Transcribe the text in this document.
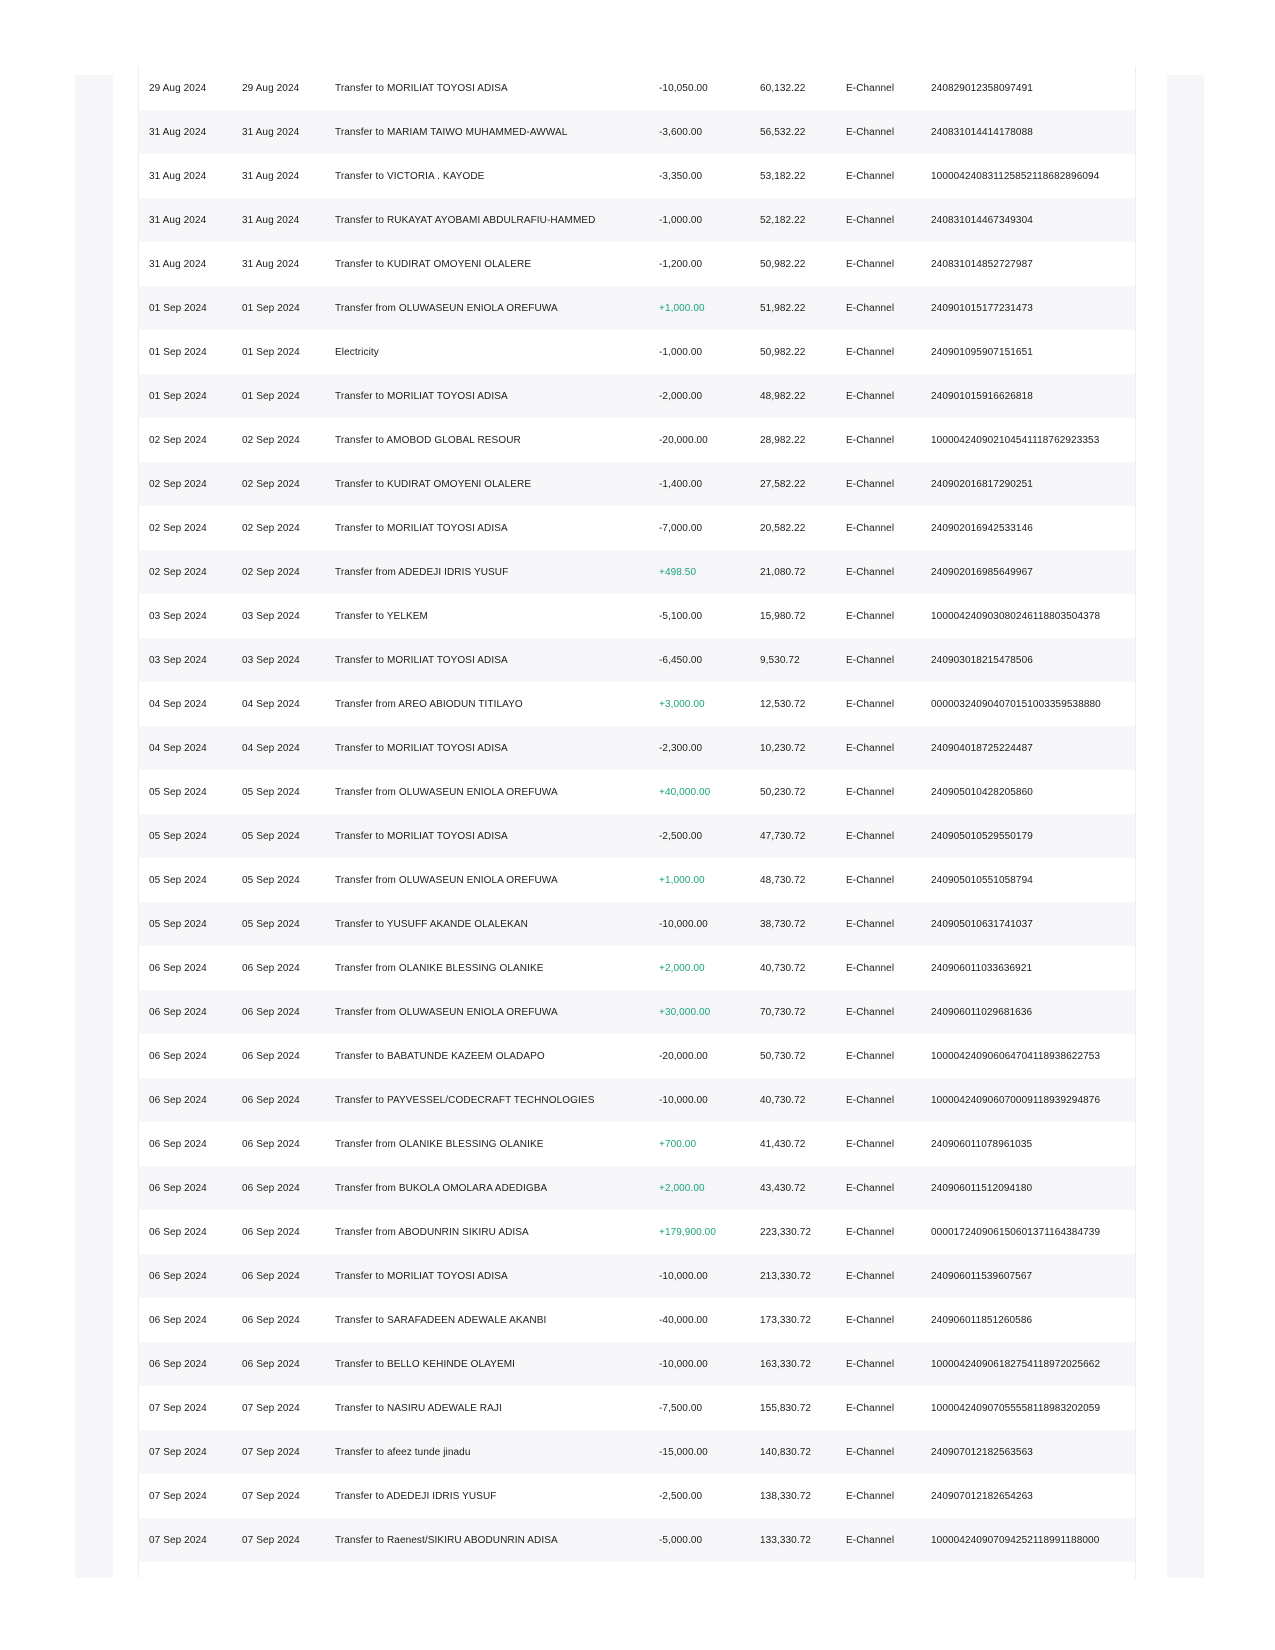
29 Aug 2024	29 Aug 2024	Transfer to MORILIAT TOYOSI ADISA	-10,050.00	60,132.22	E-Channel	240829012358097491
31 Aug 2024	31 Aug 2024	Transfer to MARIAM TAIWO MUHAMMED-AWWAL	-3,600.00	56,532.22	E-Channel	240831014414178088
31 Aug 2024	31 Aug 2024	Transfer to VICTORIA . KAYODE	-3,350.00	53,182.22	E-Channel	100004240831125852118682896094
31 Aug 2024	31 Aug 2024	Transfer to RUKAYAT AYOBAMI ABDULRAFIU-HAMMED	-1,000.00	52,182.22	E-Channel	240831014467349304
31 Aug 2024	31 Aug 2024	Transfer to KUDIRAT OMOYENI OLALERE	-1,200.00	50,982.22	E-Channel	240831014852727987
01 Sep 2024	01 Sep 2024	Transfer from OLUWASEUN ENIOLA OREFUWA	+1,000.00	51,982.22	E-Channel	240901015177231473
01 Sep 2024	01 Sep 2024	Electricity	-1,000.00	50,982.22	E-Channel	240901095907151651
01 Sep 2024	01 Sep 2024	Transfer to MORILIAT TOYOSI ADISA	-2,000.00	48,982.22	E-Channel	240901015916626818
02 Sep 2024	02 Sep 2024	Transfer to AMOBOD GLOBAL RESOUR	-20,000.00	28,982.22	E-Channel	100004240902104541118762923353
02 Sep 2024	02 Sep 2024	Transfer to KUDIRAT OMOYENI OLALERE	-1,400.00	27,582.22	E-Channel	240902016817290251
02 Sep 2024	02 Sep 2024	Transfer to MORILIAT TOYOSI ADISA	-7,000.00	20,582.22	E-Channel	240902016942533146
02 Sep 2024	02 Sep 2024	Transfer from ADEDEJI IDRIS YUSUF	+498.50	21,080.72	E-Channel	240902016985649967
03 Sep 2024	03 Sep 2024	Transfer to YELKEM	-5,100.00	15,980.72	E-Channel	100004240903080246118803504378
03 Sep 2024	03 Sep 2024	Transfer to MORILIAT TOYOSI ADISA	-6,450.00	9,530.72	E-Channel	240903018215478506
04 Sep 2024	04 Sep 2024	Transfer from AREO ABIODUN TITILAYO	+3,000.00	12,530.72	E-Channel	000003240904070151003359538880
04 Sep 2024	04 Sep 2024	Transfer to MORILIAT TOYOSI ADISA	-2,300.00	10,230.72	E-Channel	240904018725224487
05 Sep 2024	05 Sep 2024	Transfer from OLUWASEUN ENIOLA OREFUWA	+40,000.00	50,230.72	E-Channel	240905010428205860
05 Sep 2024	05 Sep 2024	Transfer to MORILIAT TOYOSI ADISA	-2,500.00	47,730.72	E-Channel	240905010529550179
05 Sep 2024	05 Sep 2024	Transfer from OLUWASEUN ENIOLA OREFUWA	+1,000.00	48,730.72	E-Channel	240905010551058794
05 Sep 2024	05 Sep 2024	Transfer to YUSUFF AKANDE OLALEKAN	-10,000.00	38,730.72	E-Channel	240905010631741037
06 Sep 2024	06 Sep 2024	Transfer from OLANIKE BLESSING OLANIKE	+2,000.00	40,730.72	E-Channel	240906011033636921
06 Sep 2024	06 Sep 2024	Transfer from OLUWASEUN ENIOLA OREFUWA	+30,000.00	70,730.72	E-Channel	240906011029681636
06 Sep 2024	06 Sep 2024	Transfer to BABATUNDE KAZEEM OLADAPO	-20,000.00	50,730.72	E-Channel	100004240906064704118938622753
06 Sep 2024	06 Sep 2024	Transfer to PAYVESSEL/CODECRAFT TECHNOLOGIES	-10,000.00	40,730.72	E-Channel	100004240906070009118939294876
06 Sep 2024	06 Sep 2024	Transfer from OLANIKE BLESSING OLANIKE	+700.00	41,430.72	E-Channel	240906011078961035
06 Sep 2024	06 Sep 2024	Transfer from BUKOLA OMOLARA ADEDIGBA	+2,000.00	43,430.72	E-Channel	240906011512094180
06 Sep 2024	06 Sep 2024	Transfer from ABODUNRIN SIKIRU ADISA	+179,900.00	223,330.72	E-Channel	000017240906150601371164384739
06 Sep 2024	06 Sep 2024	Transfer to MORILIAT TOYOSI ADISA	-10,000.00	213,330.72	E-Channel	240906011539607567
06 Sep 2024	06 Sep 2024	Transfer to SARAFADEEN ADEWALE AKANBI	-40,000.00	173,330.72	E-Channel	240906011851260586
06 Sep 2024	06 Sep 2024	Transfer to BELLO KEHINDE OLAYEMI	-10,000.00	163,330.72	E-Channel	100004240906182754118972025662
07 Sep 2024	07 Sep 2024	Transfer to NASIRU ADEWALE RAJI	-7,500.00	155,830.72	E-Channel	100004240907055558118983202059
07 Sep 2024	07 Sep 2024	Transfer to afeez tunde jinadu	-15,000.00	140,830.72	E-Channel	240907012182563563
07 Sep 2024	07 Sep 2024	Transfer to ADEDEJI IDRIS YUSUF	-2,500.00	138,330.72	E-Channel	240907012182654263
07 Sep 2024	07 Sep 2024	Transfer to Raenest/SIKIRU ABODUNRIN ADISA	-5,000.00	133,330.72	E-Channel	100004240907094252118991188000
